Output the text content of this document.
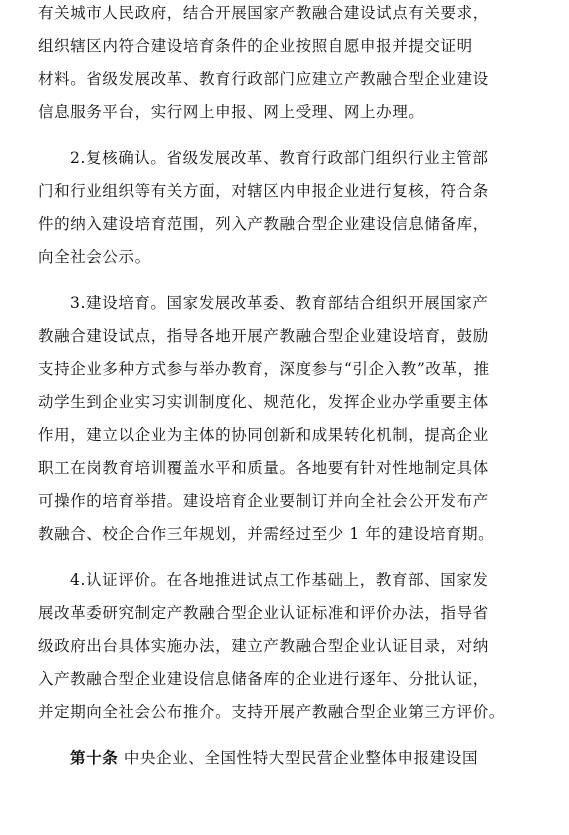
有关城市人民政府，结合开展国家产教融合建设试点有关要求，
组织辖区内符合建设培育条件的企业按照自愿申报并提交证明
材料。省级发展改革、教育行政部门应建立产教融合型企业建设
信息服务平台，实行网上申报、网上受理、网上办理。
2.复核确认。省级发展改革、教育行政部门组织行业主管部
门和行业组织等有关方面，对辖区内申报企业进行复核，符合条
件的纳入建设培育范围，列入产教融合型企业建设信息储备库，
向全社会公示。
3.建设培育。国家发展改革委、教育部结合组织开展国家产
教融合建设试点，指导各地开展产教融合型企业建设培育，鼓励
支持企业多种方式参与举办教育，深度参与“引企入教”改革，推
动学生到企业实习实训制度化、规范化，发挥企业办学重要主体
作用，建立以企业为主体的协同创新和成果转化机制，提高企业
职工在岗教育培训覆盖水平和质量。各地要有针对性地制定具体
可操作的培育举措。建设培育企业要制订并向全社会公开发布产
教融合、校企合作三年规划，并需经过至少 1 年的建设培育期。
4.认证评价。在各地推进试点工作基础上，教育部、国家发
展改革委研究制定产教融合型企业认证标准和评价办法，指导省
级政府出台具体实施办法，建立产教融合型企业认证目录，对纳
入产教融合型企业建设信息储备库的企业进行逐年、分批认证，
并定期向全社会公布推介。支持开展产教融合型企业第三方评价。
第十条 中央企业、全国性特大型民营企业整体申报建设国
